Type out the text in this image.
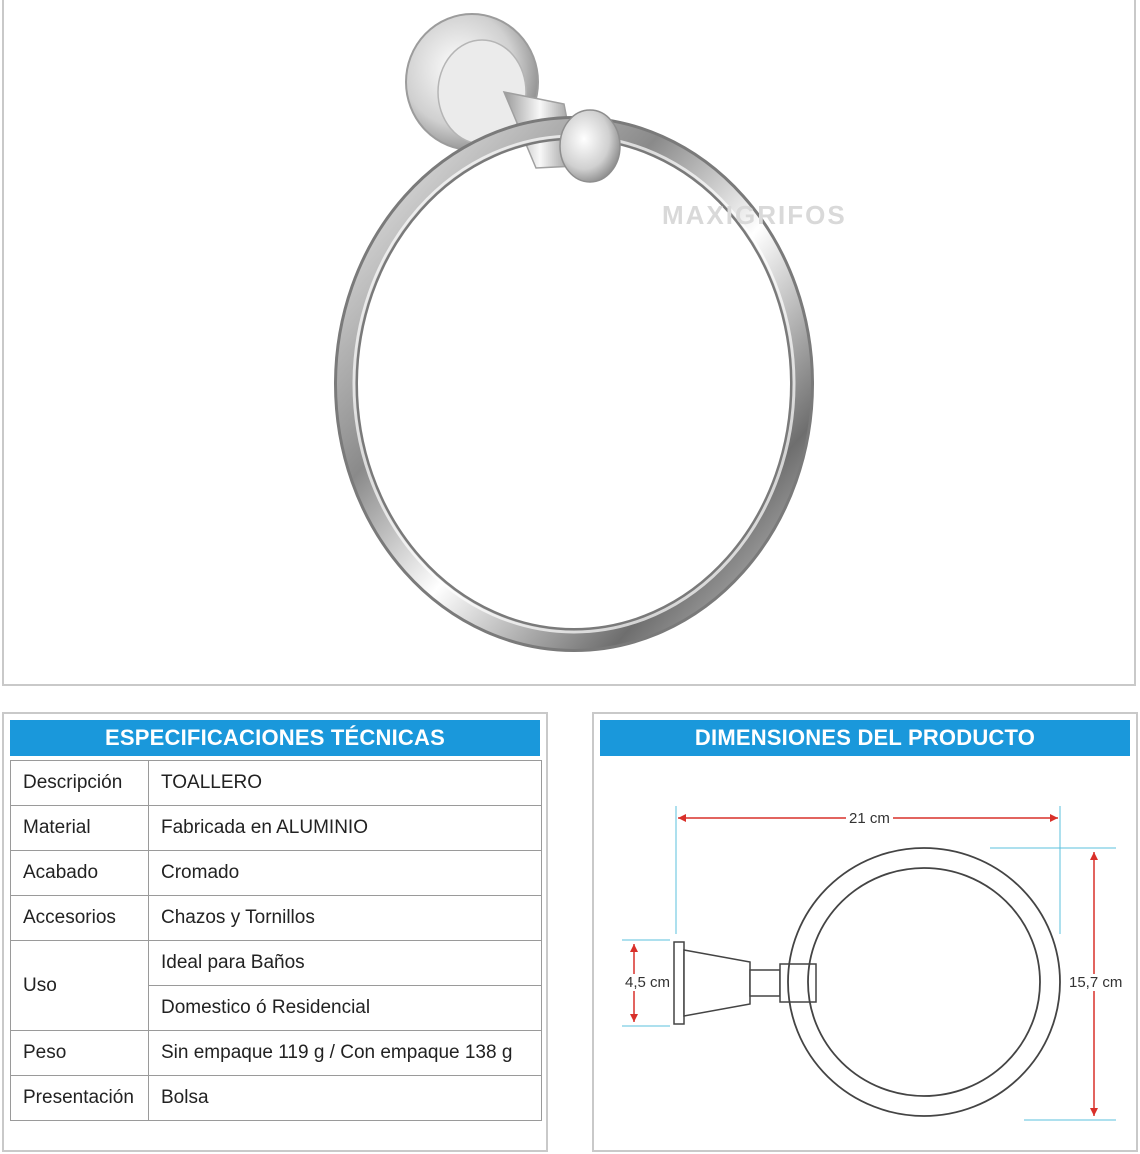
MAXIGRIFOS
ESPECIFICACIONES TÉCNICAS
Descripción	TOALLERO
Material	Fabricada en ALUMINIO
Acabado	Cromado
Accesorios	Chazos y Tornillos
Uso	Ideal para Baños
	Domestico ó Residencial
Peso	Sin empaque 119 g / Con empaque 138 g
Presentación	Bolsa
DIMENSIONES DEL PRODUCTO
21 cm
15,7 cm
4,5 cm
